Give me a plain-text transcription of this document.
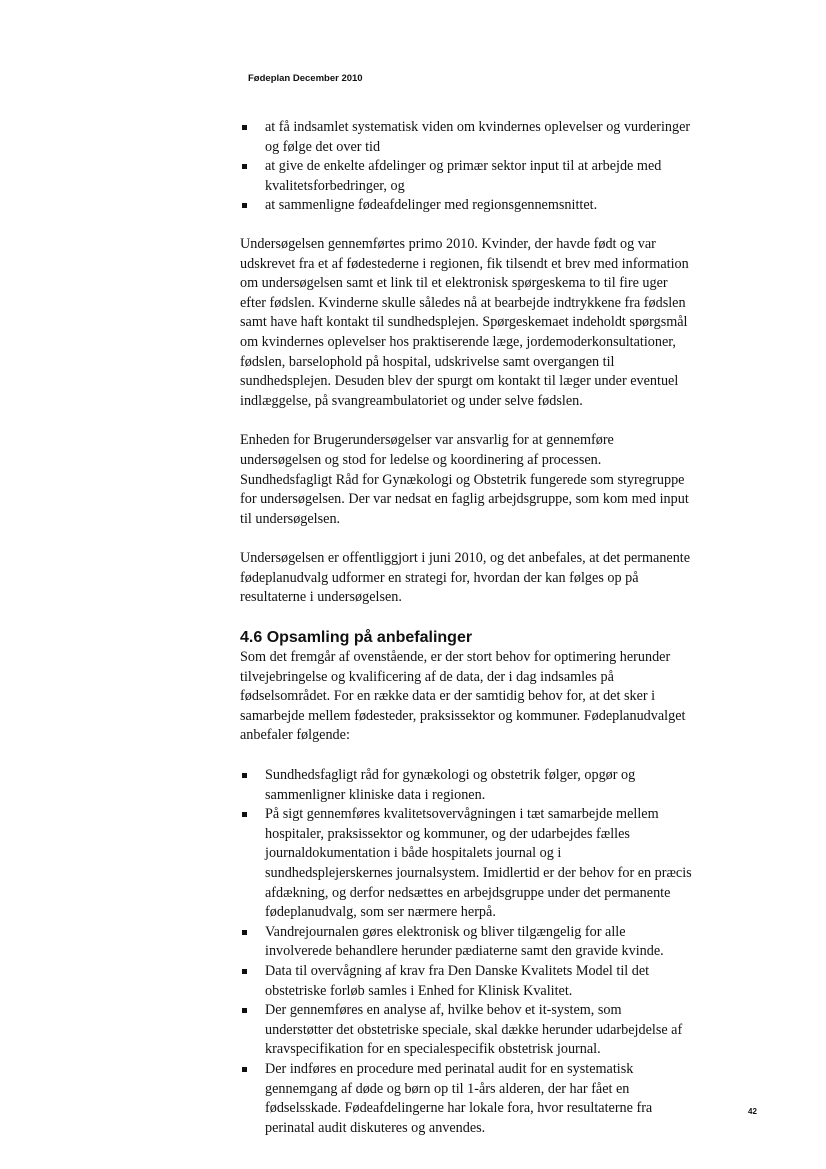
Fødeplan December 2010
at få indsamlet systematisk viden om kvindernes oplevelser og vurderinger og følge det over tid
at give de enkelte afdelinger og primær sektor input til at arbejde med kvalitetsforbedringer, og
at sammenligne fødeafdelinger med regionsgennemsnittet.

Undersøgelsen gennemførtes primo 2010. Kvinder, der havde født og var udskrevet fra et af fødestederne i regionen, fik tilsendt et brev med information om undersøgelsen samt et link til et elektronisk spørgeskema to til fire uger efter fødslen. Kvinderne skulle således nå at bearbejde indtrykkene fra fødslen samt have haft kontakt til sundhedsplejen. Spørgeskemaet indeholdt spørgsmål om kvindernes oplevelser hos praktiserende læge, jordemoderkonsultationer, fødslen, barselophold på hospital, udskrivelse samt overgangen til sundhedsplejen. Desuden blev der spurgt om kontakt til læger under eventuel indlæggelse, på svangreambulatoriet og under selve fødslen.

Enheden for Brugerundersøgelser var ansvarlig for at gennemføre undersøgelsen og stod for ledelse og koordinering af processen. Sundhedsfagligt Råd for Gynækologi og Obstetrik fungerede som styregruppe for undersøgelsen. Der var nedsat en faglig arbejdsgruppe, som kom med input til undersøgelsen.

Undersøgelsen er offentliggjort i juni 2010, og det anbefales, at det permanente fødeplanudvalg udformer en strategi for, hvordan der kan følges op på resultaterne i undersøgelsen.

4.6 Opsamling på anbefalinger

Som det fremgår af ovenstående, er der stort behov for optimering herunder tilvejebringelse og kvalificering af de data, der i dag indsamles på fødselsområdet. For en række data er der samtidig behov for, at det sker i samarbejde mellem fødesteder, praksissektor og kommuner. Fødeplanudvalget anbefaler følgende:

Sundhedsfagligt råd for gynækologi og obstetrik følger, opgør og sammenligner kliniske data i regionen.
På sigt gennemføres kvalitetsovervågningen i tæt samarbejde mellem hospitaler, praksissektor og kommuner, og der udarbejdes fælles journaldokumentation i både hospitalets journal og i sundhedsplejerskernes journalsystem. Imidlertid er der behov for en præcis afdækning, og derfor nedsættes en arbejdsgruppe under det permanente fødeplanudvalg, som ser nærmere herpå.
Vandrejournalen gøres elektronisk og bliver tilgængelig for alle involverede behandlere herunder pædiaterne samt den gravide kvinde.
Data til overvågning af krav fra Den Danske Kvalitets Model til det obstetriske forløb samles i Enhed for Klinisk Kvalitet.
Der gennemføres en analyse af, hvilke behov et it-system, som understøtter det obstetriske speciale, skal dække herunder udarbejdelse af kravspecifikation for en specialespecifik obstetrisk journal.
Der indføres en procedure med perinatal audit for en systematisk gennemgang af døde og børn op til 1-års alderen, der har fået en fødselsskade. Fødeafdelingerne har lokale fora, hvor resultaterne fra perinatal audit diskuteres og anvendes.
42
